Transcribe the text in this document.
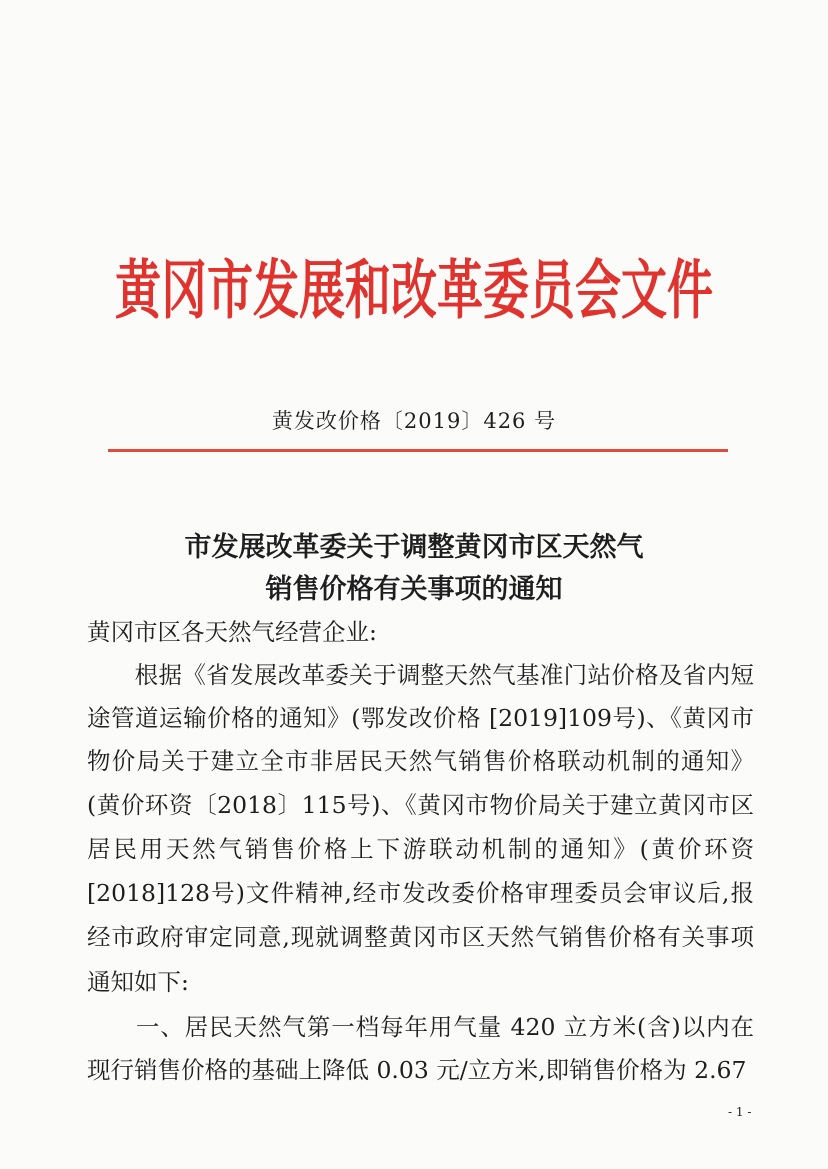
黄冈市发展和改革委员会文件
黄发改价格〔2019〕426 号
市发展改革委关于调整黄冈市区天然气
销售价格有关事项的通知
黄冈市区各天然气经营企业:
　　根据《省发展改革委关于调整天然气基准门站价格及省内短
途管道运输价格的通知》(鄂发改价格 [2019]109号)、《黄冈市
物价局关于建立全市非居民天然气销售价格联动机制的通知》
(黄价环资〔2018〕115号)、《黄冈市物价局关于建立黄冈市区
居民用天然气销售价格上下游联动机制的通知》(黄价环资
[2018]128号)文件精神,经市发改委价格审理委员会审议后,报
经市政府审定同意,现就调整黄冈市区天然气销售价格有关事项
通知如下:
　　一、居民天然气第一档每年用气量 420 立方米(含)以内在
现行销售价格的基础上降低 0.03 元/立方米,即销售价格为 2.67
- 1 -
